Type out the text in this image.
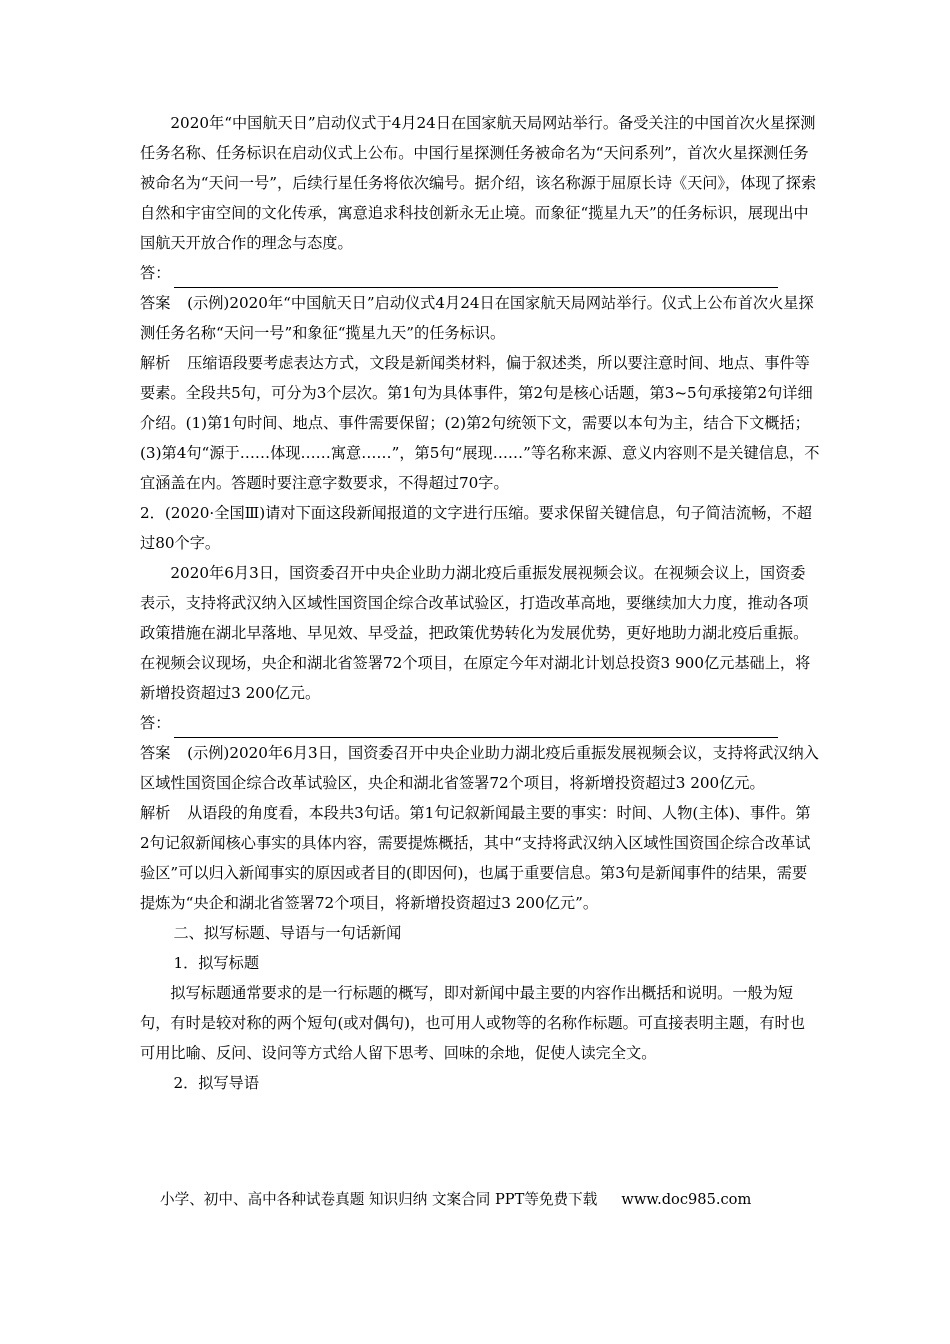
2020年“中国航天日”启动仪式于4月24日在国家航天局网站举行。备受关注的中国首次火星探测任务名称、任务标识在启动仪式上公布。中国行星探测任务被命名为“天问系列”，首次火星探测任务被命名为“天问一号”，后续行星任务将依次编号。据介绍，该名称源于屈原长诗《天问》，体现了探索自然和宇宙空间的文化传承，寓意追求科技创新永无止境。而象征“揽星九天”的任务标识，展现出中国航天开放合作的理念与态度。

答：

答案 (示例)2020年“中国航天日”启动仪式4月24日在国家航天局网站举行。仪式上公布首次火星探测任务名称“天问一号”和象征“揽星九天”的任务标识。

解析 压缩语段要考虑表达方式，文段是新闻类材料，偏于叙述类，所以要注意时间、地点、事件等要素。全段共5句，可分为3个层次。第1句为具体事件，第2句是核心话题，第3~5句承接第2句详细介绍。(1)第1句时间、地点、事件需要保留；(2)第2句统领下文，需要以本句为主，结合下文概括；(3)第4句“源于……体现……寓意……”，第5句“展现……”等名称来源、意义内容则不是关键信息，不宜涵盖在内。答题时要注意字数要求，不得超过70字。

2．(2020·全国Ⅲ)请对下面这段新闻报道的文字进行压缩。要求保留关键信息，句子简洁流畅，不超过80个字。

2020年6月3日，国资委召开中央企业助力湖北疫后重振发展视频会议。在视频会议上，国资委表示，支持将武汉纳入区域性国资国企综合改革试验区，打造改革高地，要继续加大力度，推动各项政策措施在湖北早落地、早见效、早受益，把政策优势转化为发展优势，更好地助力湖北疫后重振。在视频会议现场，央企和湖北省签署72个项目，在原定今年对湖北计划总投资3 900亿元基础上，将新增投资超过3 200亿元。

答：

答案 (示例)2020年6月3日，国资委召开中央企业助力湖北疫后重振发展视频会议，支持将武汉纳入区域性国资国企综合改革试验区，央企和湖北省签署72个项目，将新增投资超过3 200亿元。

解析 从语段的角度看，本段共3句话。第1句记叙新闻最主要的事实：时间、人物(主体)、事件。第2句记叙新闻核心事实的具体内容，需要提炼概括，其中“支持将武汉纳入区域性国资国企综合改革试验区”可以归入新闻事实的原因或者目的(即因何)，也属于重要信息。第3句是新闻事件的结果，需要提炼为“央企和湖北省签署72个项目，将新增投资超过3 200亿元”。

二、拟写标题、导语与一句话新闻

1．拟写标题

拟写标题通常要求的是一行标题的概写，即对新闻中最主要的内容作出概括和说明。一般为短句，有时是较对称的两个短句(或对偶句)，也可用人或物等的名称作标题。可直接表明主题，有时也可用比喻、反问、设问等方式给人留下思考、回味的余地，促使人读完全文。

2．拟写导语

小学、初中、高中各种试卷真题 知识归纳 文案合同 PPT等免费下载 www.doc985.com
